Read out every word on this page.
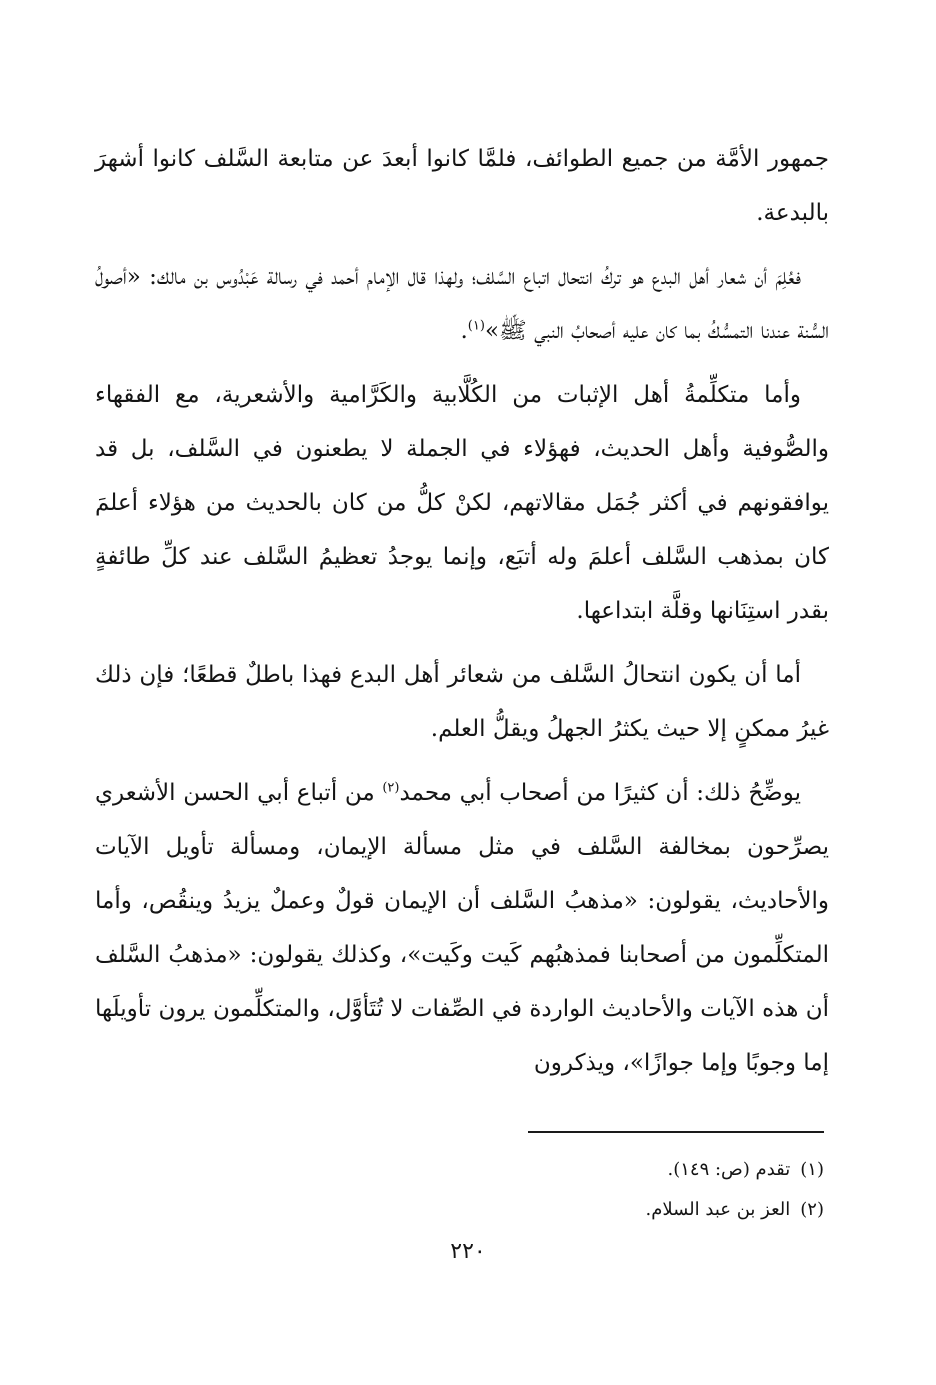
جمهور الأمَّة من جميع الطوائف، فلمَّا كانوا أبعدَ عن متابعة السَّلف كانوا أشهرَ بالبدعة.

فعُلِمَ أن شعار أهل البدع هو تركُ انتحال اتباع السَّلف؛ ولهذا قال الإمام أحمد في رسالة عَبْدُوس بن مالك: «أصولُ السُّنة عندنا التمسُّكُ بما كان عليه أصحابُ النبي ﷺ»$^{(١)}$.

وأما متكلِّمةُ أهل الإثبات من الكُلَّابية والكَرَّامية والأشعرية، مع الفقهاء والصُّوفية وأهل الحديث، فهؤلاء في الجملة لا يطعنون في السَّلف، بل قد يوافقونهم في أكثر جُمَل مقالاتهم، لكنْ كلُّ من كان بالحديث من هؤلاء أعلمَ كان بمذهب السَّلف أعلمَ وله أتبَع، وإنما يوجدُ تعظيمُ السَّلف عند كلِّ طائفةٍ بقدر استِنَانها وقلَّة ابتداعها.

أما أن يكون انتحالُ السَّلف من شعائر أهل البدع فهذا باطلٌ قطعًا؛ فإن ذلك غيرُ ممكنٍ إلا حيث يكثرُ الجهلُ ويقلُّ العلم.

يوضِّحُ ذلك: أن كثيرًا من أصحاب أبي محمد$^{(٢)}$ من أتباع أبي الحسن الأشعري يصرِّحون بمخالفة السَّلف في مثل مسألة الإيمان، ومسألة تأويل الآيات والأحاديث، يقولون: «مذهبُ السَّلف أن الإيمان قولٌ وعملٌ يزيدُ وينقُص، وأما المتكلِّمون من أصحابنا فمذهبُهم كَيت وكَيت»، وكذلك يقولون: «مذهبُ السَّلف أن هذه الآيات والأحاديث الواردة في الصِّفات لا تُتَأوَّل، والمتكلِّمون يرون تأويلَها إما وجوبًا وإما جوازًا»، ويذكرون

(١)تقدم (ص: ١٤٩).

(٢)العز بن عبد السلام.

٢٢٠
